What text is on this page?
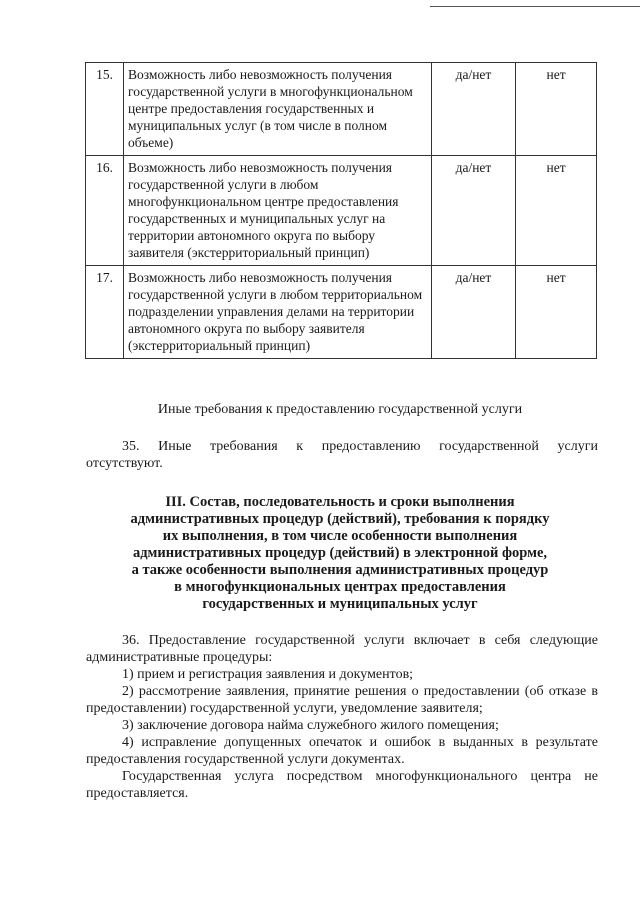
15.	Возможность либо невозможность получения государственной услуги в многофункциональном центре предоставления государственных и муниципальных услуг (в том числе в полном объеме)	да/нет	нет
16.	Возможность либо невозможность получения государственной услуги в любом многофункциональном центре предоставления государственных и муниципальных услуг на территории автономного округа по выбору заявителя (экстерриториальный принцип)	да/нет	нет
17.	Возможность либо невозможность получения государственной услуги в любом территориальном подразделении управления делами на территории автономного округа по выбору заявителя (экстерриториальный принцип)	да/нет	нет
Иные требования к предоставлению государственной услуги
35. Иные требования к предоставлению государственной услуги
отсутствуют.
III. Состав, последовательность и сроки выполнения
административных процедур (действий), требования к порядку
их выполнения, в том числе особенности выполнения
административных процедур (действий) в электронной форме,
а также особенности выполнения административных процедур
в многофункциональных центрах предоставления
государственных и муниципальных услуг
36. Предоставление государственной услуги включает в себя следующие административные процедуры:
1) прием и регистрация заявления и документов;
2) рассмотрение заявления, принятие решения о предоставлении (об отказе в предоставлении) государственной услуги, уведомление заявителя;
3) заключение договора найма служебного жилого помещения;
4) исправление допущенных опечаток и ошибок в выданных в результате предоставления государственной услуги документах.
Государственная услуга посредством многофункционального центра не предоставляется.
